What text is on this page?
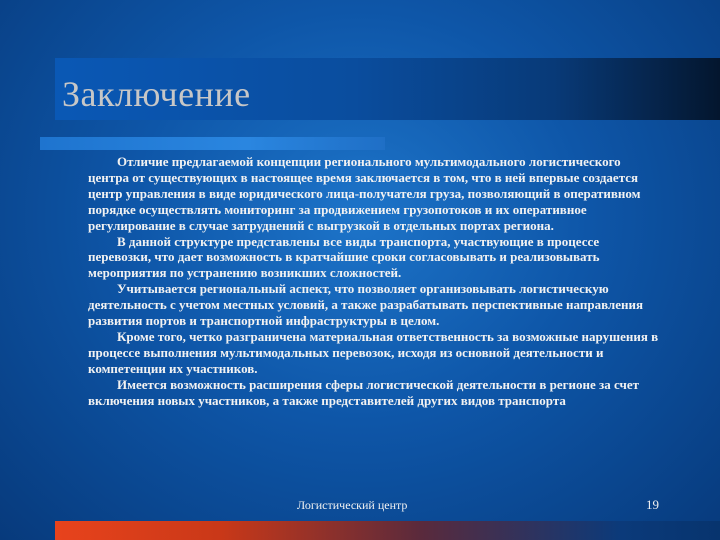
Заключение

Отличие предлагаемой концепции регионального мультимодального логистического центра от существующих в настоящее время заключается в том, что в ней впервые создается центр управления в виде юридического лица-получателя груза, позволяющий в оперативном порядке осуществлять мониторинг за продвижением грузопотоков и их оперативное регулирование в случае затруднений с выгрузкой в отдельных портах региона.

В данной структуре представлены все виды транспорта, участвующие в процессе перевозки, что дает возможность в кратчайшие сроки согласовывать и реализовывать мероприятия по устранению возникших сложностей.

Учитывается региональный аспект, что позволяет организовывать логистическую деятельность с учетом местных условий, а также разрабатывать перспективные направления развития портов и транспортной инфраструктуры в целом.

Кроме того, четко разграничена материальная ответственность за возможные нарушения в процессе выполнения мультимодальных перевозок, исходя из основной деятельности и компетенции их участников.

Имеется возможность расширения сферы логистической деятельности в регионе за счет включения новых участников, а также представителей других видов транспорта

Логистический центр	19
